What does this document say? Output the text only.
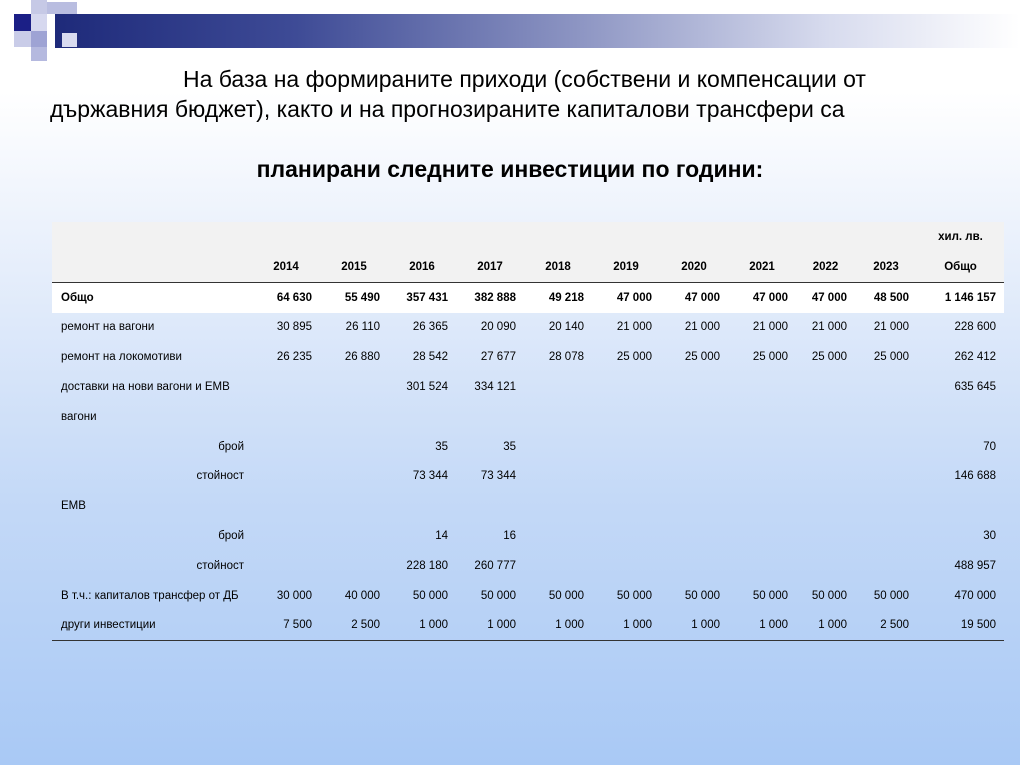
На база на формираните приходи (собствени и компенсации от
държавния бюджет), както и на прогнозираните капиталови трансфери са
планирани следните инвестиции по години:
											хил. лв.
	2014	2015	2016	2017	2018	2019	2020	2021	2022	2023	Общо
Общо	64 630	55 490	357 431	382 888	49 218	47 000	47 000	47 000	47 000	48 500	1 146 157
ремонт на вагони	30 895	26 110	26 365	20 090	20 140	21 000	21 000	21 000	21 000	21 000	228 600
ремонт на локомотиви	26 235	26 880	28 542	27 677	28 078	25 000	25 000	25 000	25 000	25 000	262 412
доставки на нови вагони и ЕМВ			301 524	334 121							635 645
вагони											
брой			35	35							70
стойност			73 344	73 344							146 688
ЕМВ											
брой			14	16							30
стойност			228 180	260 777							488 957
В т.ч.: капиталов трансфер от ДБ	30 000	40 000	50 000	50 000	50 000	50 000	50 000	50 000	50 000	50 000	470 000
други инвестиции	7 500	2 500	1 000	1 000	1 000	1 000	1 000	1 000	1 000	2 500	19 500
